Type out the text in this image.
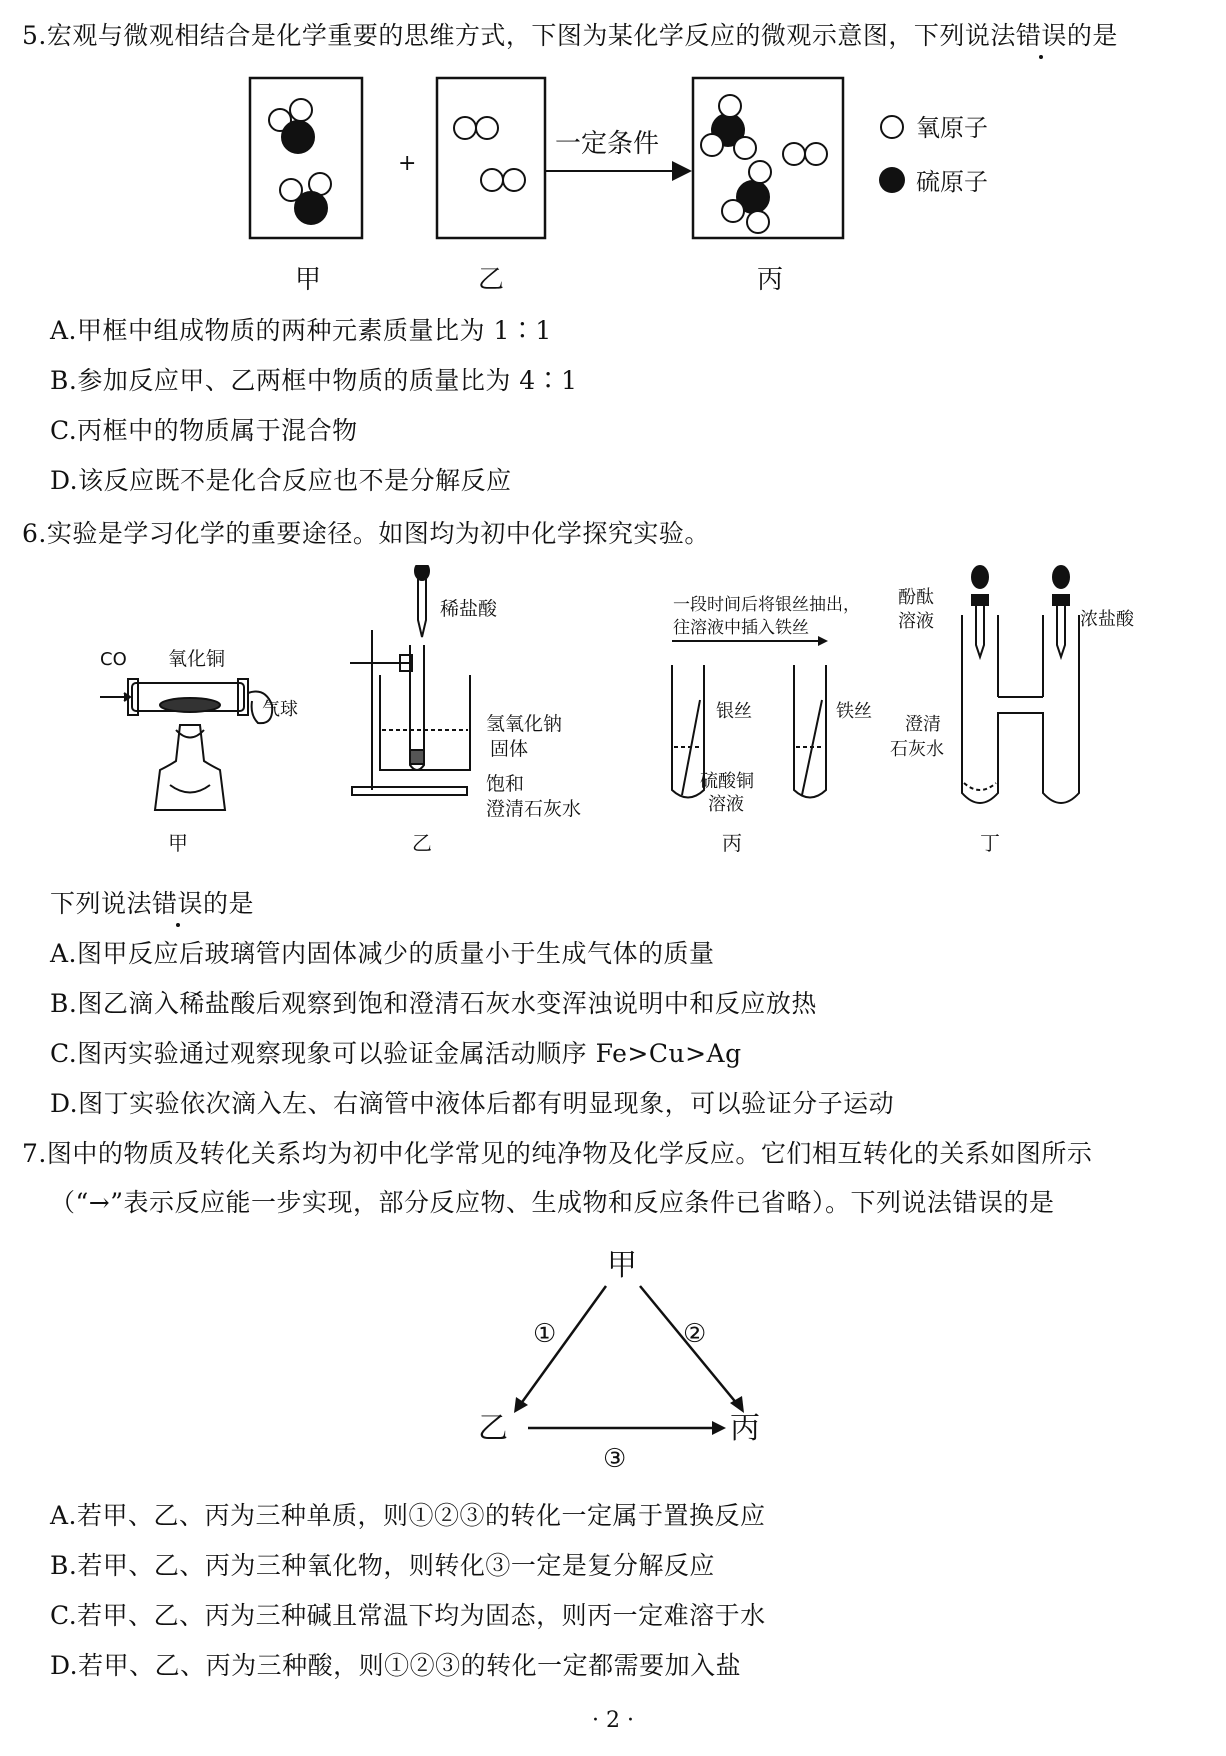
5.宏观与微观相结合是化学重要的思维方式，下图为某化学反应的微观示意图，下列说法错误的是
+
一定条件
氧原子
硫原子
甲	乙	丙
A.甲框中组成物质的两种元素质量比为 1∶1
B.参加反应甲、乙两框中物质的质量比为 4∶1
C.丙框中的物质属于混合物
D.该反应既不是化合反应也不是分解反应
6.实验是学习化学的重要途径。如图均为初中化学探究实验。
CO 氧化铜
气球
甲
稀盐酸
氢氧化钠
固体
饱和
澄清石灰水
乙
一段时间后将银丝抽出，
往溶液中插入铁丝
银丝
硫酸铜
溶液
铁丝
丙
酚酞
溶液	浓盐酸
澄清
石灰水
丁
下列说法错误的是
A.图甲反应后玻璃管内固体减少的质量小于生成气体的质量
B.图乙滴入稀盐酸后观察到饱和澄清石灰水变浑浊说明中和反应放热
C.图丙实验通过观察现象可以验证金属活动顺序 Fe>Cu>Ag
D.图丁实验依次滴入左、右滴管中液体后都有明显现象，可以验证分子运动
7.图中的物质及转化关系均为初中化学常见的纯净物及化学反应。它们相互转化的关系如图所示
（“→”表示反应能一步实现，部分反应物、生成物和反应条件已省略）。下列说法错误的是
甲
乙	丙
①	②
③
A.若甲、乙、丙为三种单质，则①②③的转化一定属于置换反应
B.若甲、乙、丙为三种氧化物，则转化③一定是复分解反应
C.若甲、乙、丙为三种碱且常温下均为固态，则丙一定难溶于水
D.若甲、乙、丙为三种酸，则①②③的转化一定都需要加入盐
· 2 ·
